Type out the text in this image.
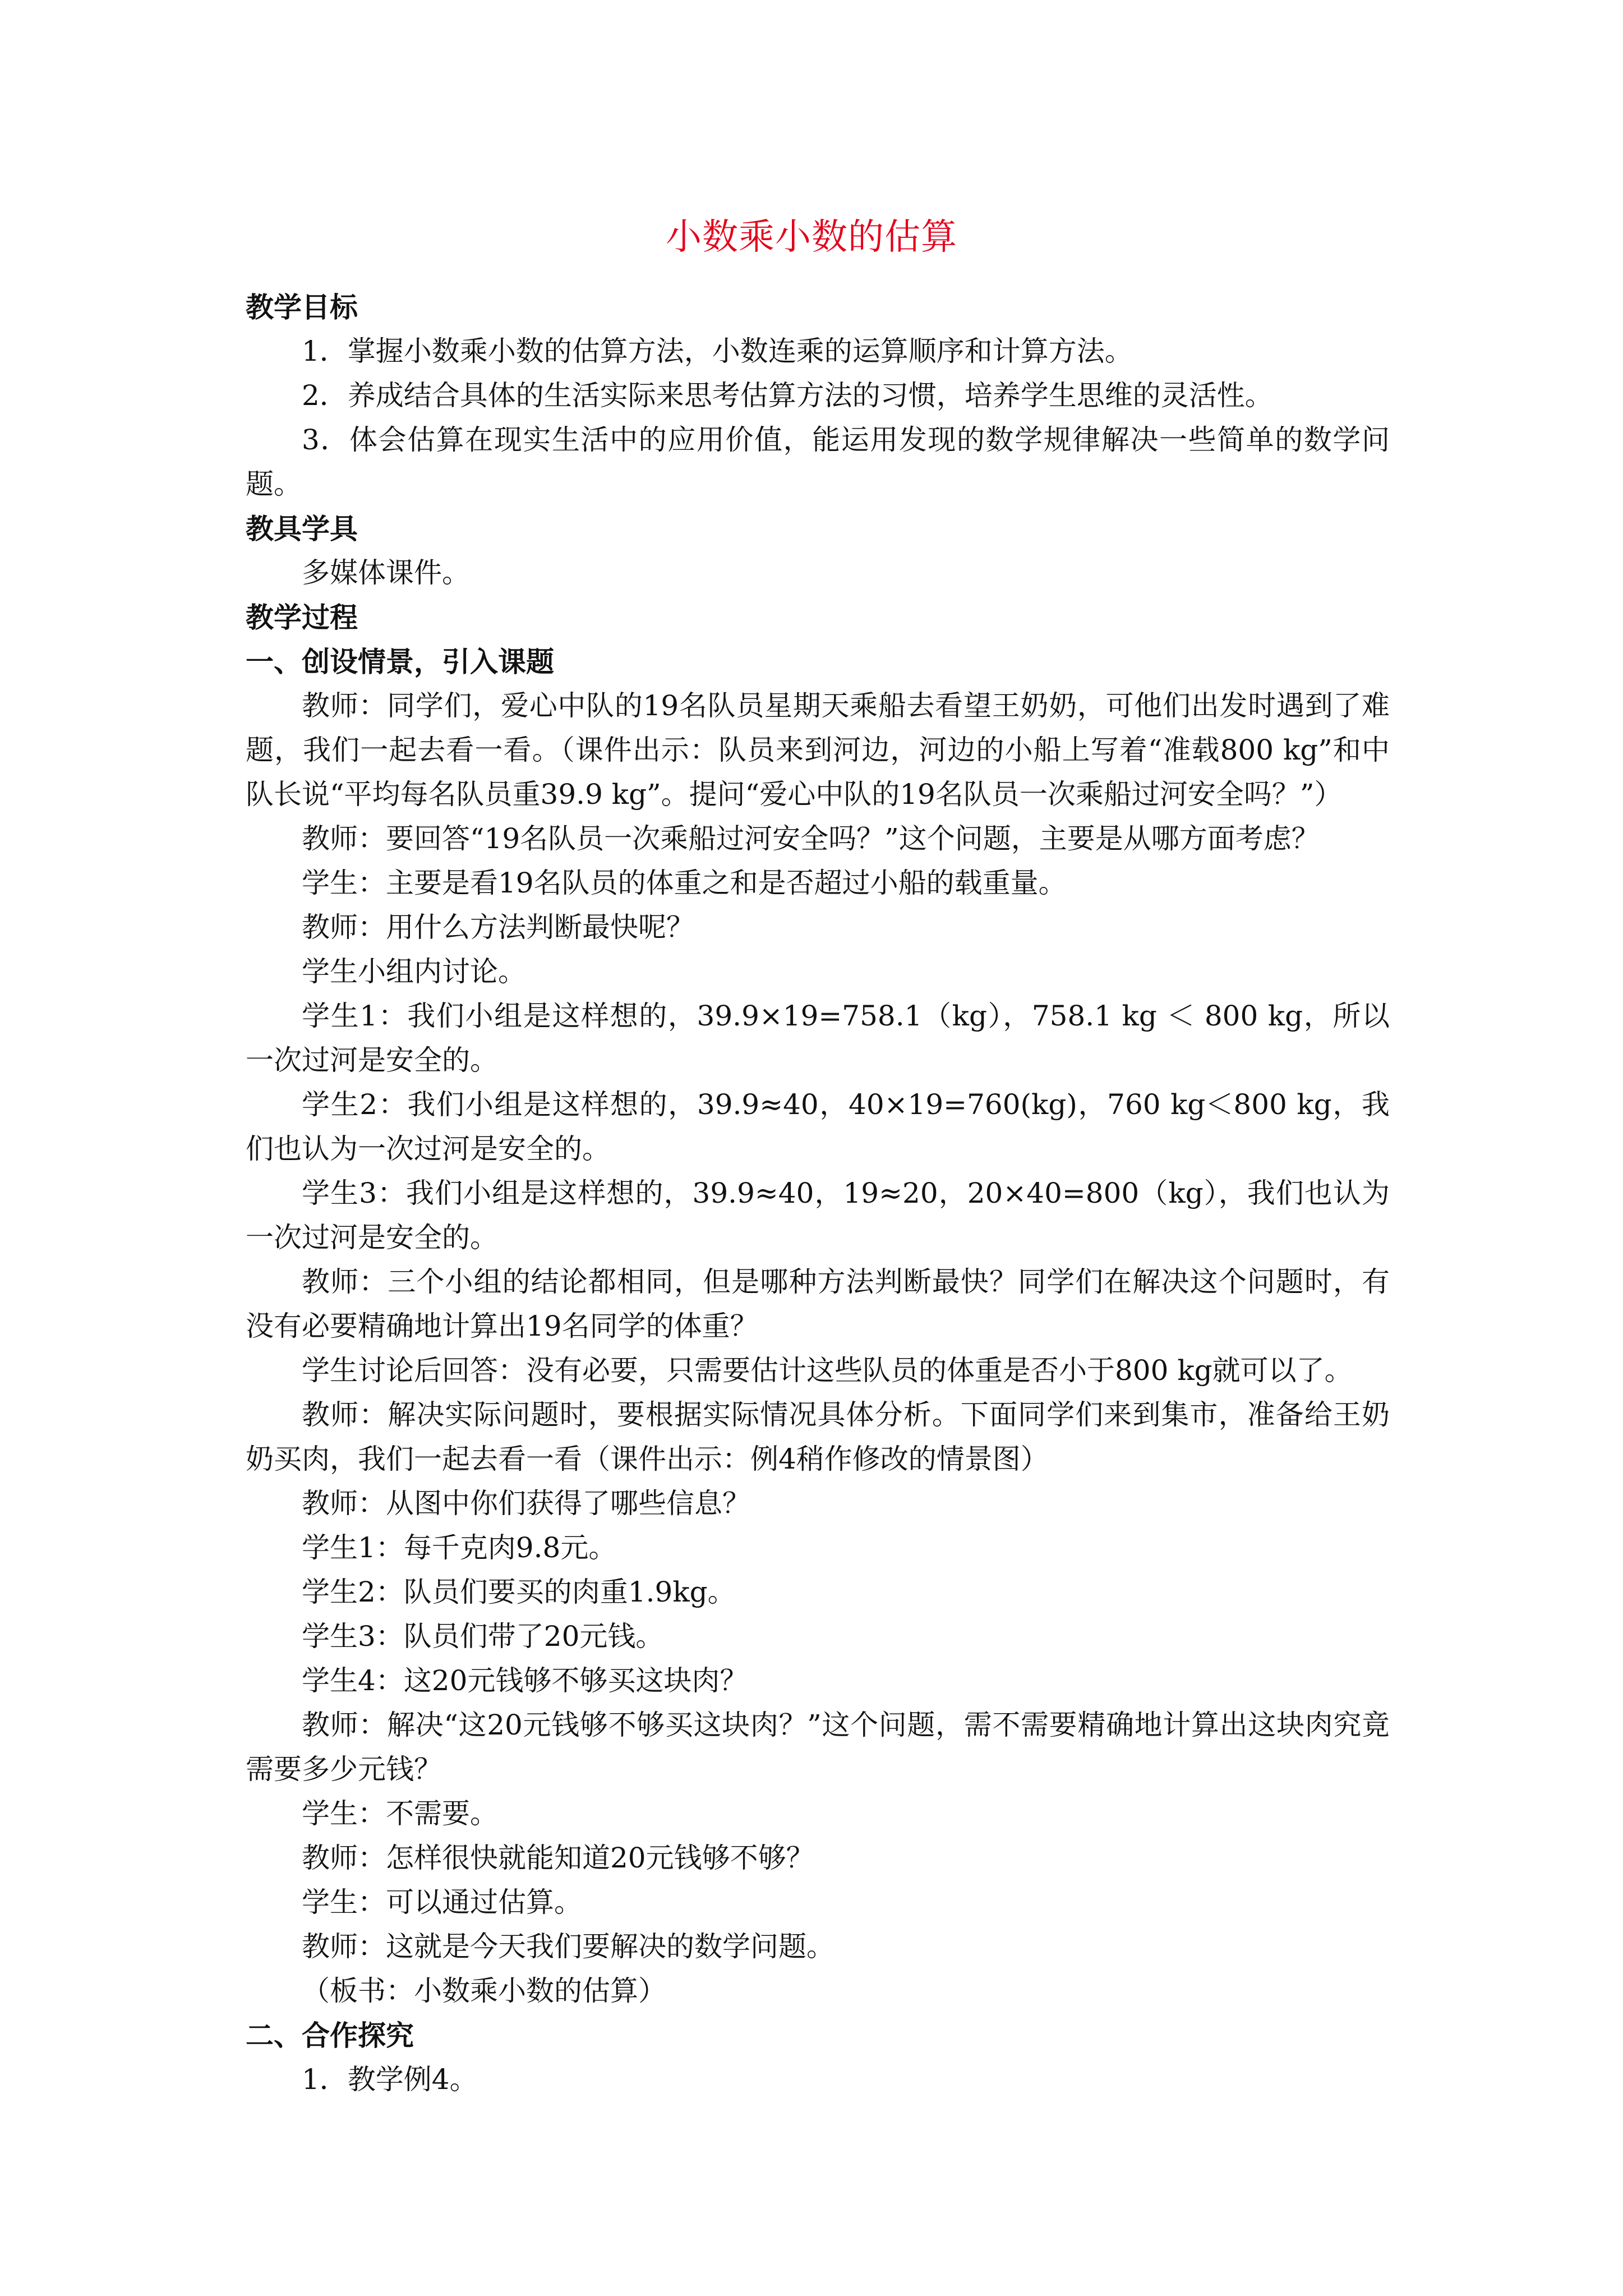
小数乘小数的估算
教学目标
1．掌握小数乘小数的估算方法，小数连乘的运算顺序和计算方法。
2．养成结合具体的生活实际来思考估算方法的习惯，培养学生思维的灵活性。
3．体会估算在现实生活中的应用价值，能运用发现的数学规律解决一些简单的数学问题。
教具学具
多媒体课件。
教学过程
一、创设情景，引入课题
教师：同学们，爱心中队的19名队员星期天乘船去看望王奶奶，可他们出发时遇到了难题，我们一起去看一看。（课件出示：队员来到河边，河边的小船上写着“准载800 kg”和中队长说“平均每名队员重39.9 kg”。提问“爱心中队的19名队员一次乘船过河安全吗？”）
教师：要回答“19名队员一次乘船过河安全吗？”这个问题，主要是从哪方面考虑？
学生：主要是看19名队员的体重之和是否超过小船的载重量。
教师：用什么方法判断最快呢？
学生小组内讨论。
学生1：我们小组是这样想的，39.9×19=758.1（kg），758.1 kg ＜ 800 kg，所以一次过河是安全的。
学生2：我们小组是这样想的，39.9≈40，40×19=760(kg)，760 kg＜800 kg，我们也认为一次过河是安全的。
学生3：我们小组是这样想的，39.9≈40，19≈20，20×40=800（kg），我们也认为一次过河是安全的。
教师：三个小组的结论都相同，但是哪种方法判断最快？同学们在解决这个问题时，有没有必要精确地计算出19名同学的体重？
学生讨论后回答：没有必要，只需要估计这些队员的体重是否小于800 kg就可以了。
教师：解决实际问题时，要根据实际情况具体分析。下面同学们来到集市，准备给王奶奶买肉，我们一起去看一看（课件出示：例4稍作修改的情景图）
教师：从图中你们获得了哪些信息？
学生1：每千克肉9.8元。
学生2：队员们要买的肉重1.9kg。
学生3：队员们带了20元钱。
学生4：这20元钱够不够买这块肉？
教师：解决“这20元钱够不够买这块肉？”这个问题，需不需要精确地计算出这块肉究竟需要多少元钱？
学生：不需要。
教师：怎样很快就能知道20元钱够不够？
学生：可以通过估算。
教师：这就是今天我们要解决的数学问题。
（板书：小数乘小数的估算）
二、合作探究
1．教学例4。
